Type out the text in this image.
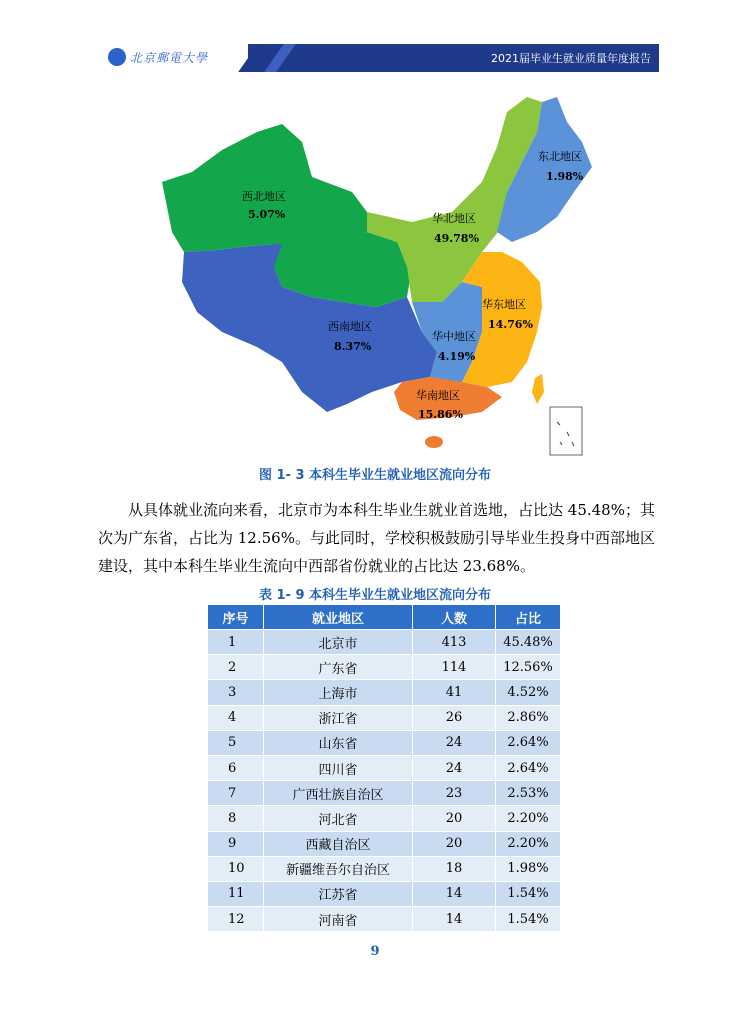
北京郵電大學	2021届毕业生就业质量年度报告
西北地区
5.07%	华北地区
49.78%
东北地区
1.98%
华东地区
14.76%
西南地区
8.37%
华中地区
4.19%
华南地区
15.86%
图 1- 3 本科生毕业生就业地区流向分布
从具体就业流向来看，北京市为本科生毕业生就业首选地，占比达 45.48%；其
次为广东省，占比为 12.56%。与此同时，学校积极鼓励引导毕业生投身中西部地区
建设，其中本科生毕业生流向中西部省份就业的占比达 23.68%。
表 1- 9 本科生毕业生就业地区流向分布
序号	就业地区	人数	占比
1	北京市	413	45.48%
2	广东省	114	12.56%
3	上海市	41	4.52%
4	浙江省	26	2.86%
5	山东省	24	2.64%
6	四川省	24	2.64%
7	广西壮族自治区	23	2.53%
8	河北省	20	2.20%
9	西藏自治区	20	2.20%
10	新疆维吾尔自治区	18	1.98%
11	江苏省	14	1.54%
12	河南省	14	1.54%
9
